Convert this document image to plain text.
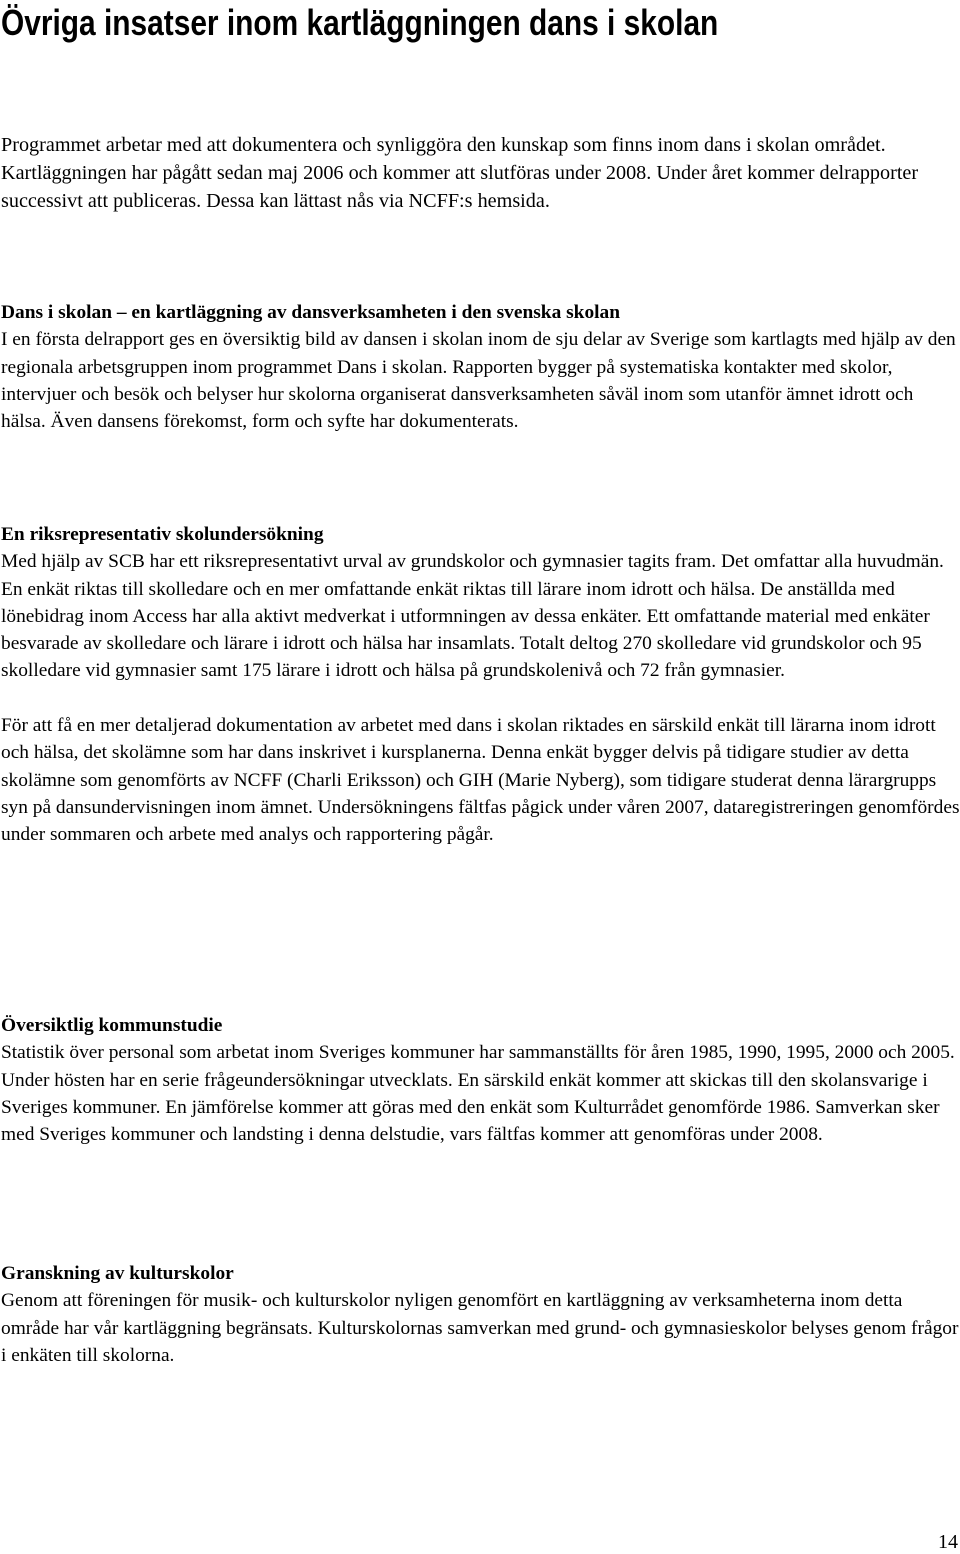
Övriga insatser inom kartläggningen dans i skolan

Programmet arbetar med att dokumentera och synliggöra den kunskap som finns inom dans i skolan området. Kartläggningen har pågått sedan maj 2006 och kommer att slutföras under 2008. Under året kommer delrapporter successivt att publiceras. Dessa kan lättast nås via NCFF:s hemsida.

Dans i skolan – en kartläggning av dansverksamheten i den svenska skolan

I en första delrapport ges en översiktig bild av dansen i skolan inom de sju delar av Sverige som kartlagts med hjälp av den regionala arbetsgruppen inom programmet Dans i skolan. Rapporten bygger på systematiska kontakter med skolor, intervjuer och besök och belyser hur skolorna organiserat dansverksamheten såväl inom som utanför ämnet idrott och hälsa. Även dansens förekomst, form och syfte har dokumenterats.

En riksrepresentativ skolundersökning

Med hjälp av SCB har ett riksrepresentativt urval av grundskolor och gymnasier tagits fram. Det omfattar alla huvudmän. En enkät riktas till skolledare och en mer omfattande enkät riktas till lärare inom idrott och hälsa. De anställda med lönebidrag inom Access har alla aktivt medverkat i utformningen av dessa enkäter. Ett omfattande material med enkäter besvarade av skolledare och lärare i idrott och hälsa har insamlats. Totalt deltog 270 skolledare vid grundskolor och 95 skolledare vid gymnasier samt 175 lärare i idrott och hälsa på grundskolenivå och 72 från gymnasier.

För att få en mer detaljerad dokumentation av arbetet med dans i skolan riktades en särskild enkät till lärarna inom idrott och hälsa, det skolämne som har dans inskrivet i kursplanerna. Denna enkät bygger delvis på tidigare studier av detta skolämne som genomförts av NCFF (Charli Eriksson) och GIH (Marie Nyberg), som tidigare studerat denna lärargrupps syn på dansundervisningen inom ämnet. Undersökningens fältfas pågick under våren 2007, dataregistreringen genomfördes under sommaren och arbete med analys och rapportering pågår.

Översiktlig kommunstudie

Statistik över personal som arbetat inom Sveriges kommuner har sammanställts för åren 1985, 1990, 1995, 2000 och 2005. Under hösten har en serie frågeundersökningar utvecklats. En särskild enkät kommer att skickas till den skolansvarige i Sveriges kommuner. En jämförelse kommer att göras med den enkät som Kulturrådet genomförde 1986. Samverkan sker med Sveriges kommuner och landsting i denna delstudie, vars fältfas kommer att genomföras under 2008.

Granskning av kulturskolor

Genom att föreningen för musik- och kulturskolor nyligen genomfört en kartläggning av verksamheterna inom detta område har vår kartläggning begränsats. Kulturskolornas samverkan med grund- och gymnasieskolor belyses genom frågor i enkäten till skolorna.

14
